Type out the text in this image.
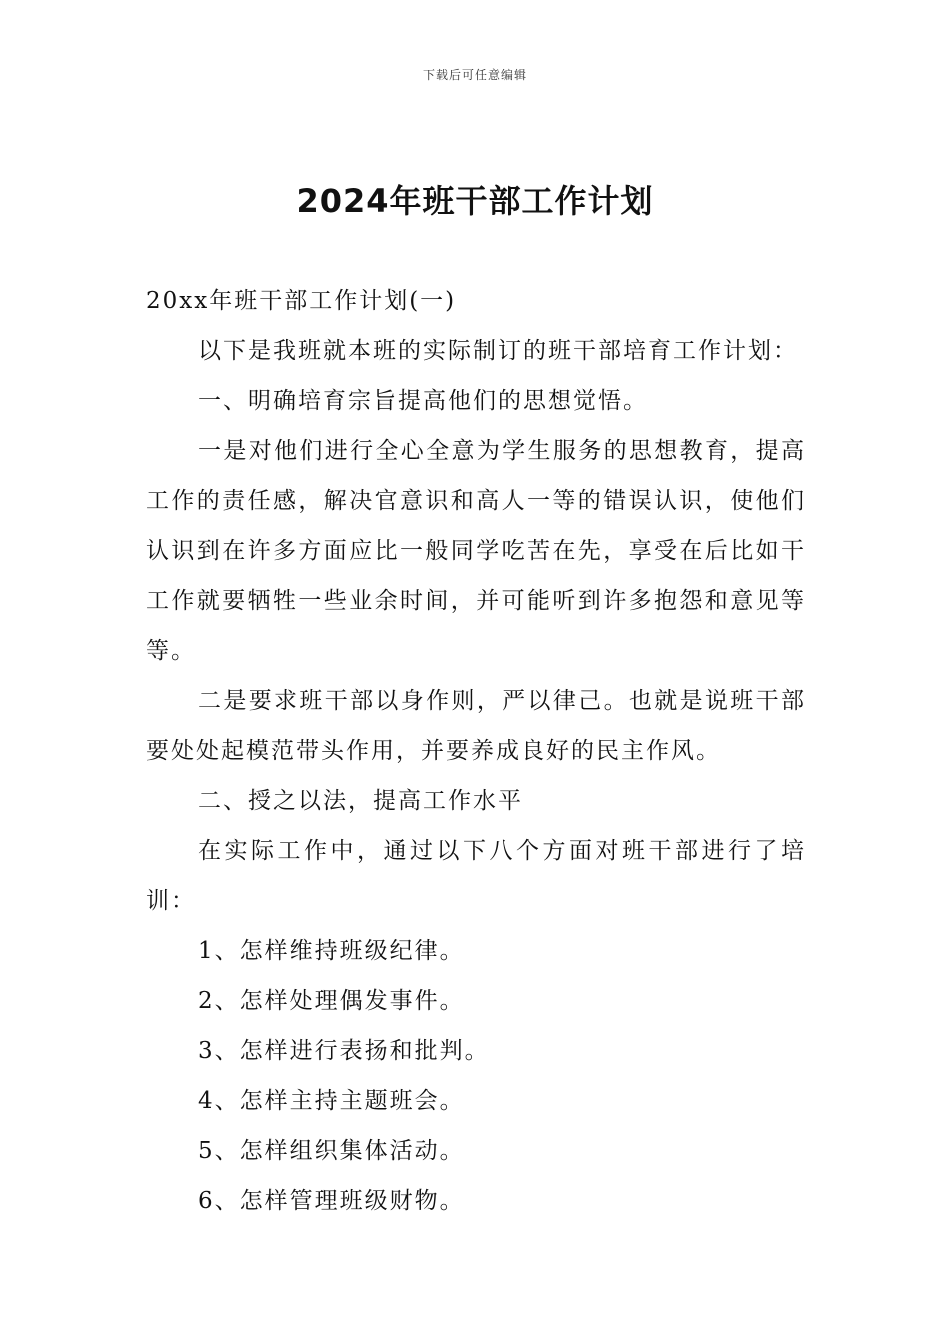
下载后可任意编辑
2024年班干部工作计划

20xx年班干部工作计划(一)

以下是我班就本班的实际制订的班干部培育工作计划：

一、明确培育宗旨提高他们的思想觉悟。

一是对他们进行全心全意为学生服务的思想教育，提高工作的责任感，解决官意识和高人一等的错误认识，使他们认识到在许多方面应比一般同学吃苦在先，享受在后比如干工作就要牺牲一些业余时间，并可能听到许多抱怨和意见等等。

二是要求班干部以身作则，严以律己。也就是说班干部要处处起模范带头作用，并要养成良好的民主作风。

二、授之以法，提高工作水平

在实际工作中，通过以下八个方面对班干部进行了培训：

1、怎样维持班级纪律。

2、怎样处理偶发事件。

3、怎样进行表扬和批判。

4、怎样主持主题班会。

5、怎样组织集体活动。

6、怎样管理班级财物。
